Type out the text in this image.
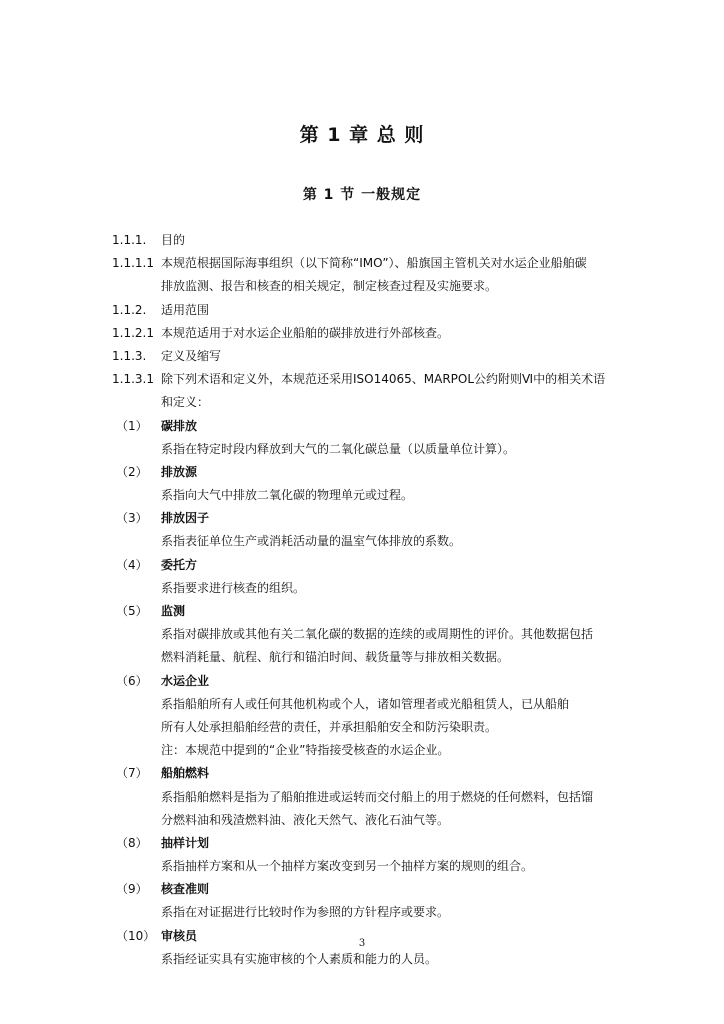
第 1 章 总 则
第 1 节 一般规定
1.1.1. 目的
1.1.1.1 本规范根据国际海事组织（以下简称“IMO”）、船旗国主管机关对水运企业船舶碳
排放监测、报告和核查的相关规定，制定核查过程及实施要求。
1.1.2. 适用范围
1.1.2.1 本规范适用于对水运企业船舶的碳排放进行外部核查。
1.1.3. 定义及缩写
1.1.3.1 除下列术语和定义外，本规范还采用ISO14065、MARPOL公约附则Ⅵ中的相关术语
和定义：
（1） 碳排放
系指在特定时段内释放到大气的二氧化碳总量（以质量单位计算）。
（2） 排放源
系指向大气中排放二氧化碳的物理单元或过程。
（3） 排放因子
系指表征单位生产或消耗活动量的温室气体排放的系数。
（4） 委托方
系指要求进行核查的组织。
（5） 监测
系指对碳排放或其他有关二氧化碳的数据的连续的或周期性的评价。其他数据包括
燃料消耗量、航程、航行和锚泊时间、载货量等与排放相关数据。
（6） 水运企业
系指船舶所有人或任何其他机构或个人，诸如管理者或光船租赁人，已从船舶
所有人处承担船舶经营的责任，并承担船舶安全和防污染职责。
注：本规范中提到的“企业”特指接受核查的水运企业。
（7） 船舶燃料
系指船舶燃料是指为了船舶推进或运转而交付船上的用于燃烧的任何燃料，包括馏
分燃料油和残渣燃料油、液化天然气、液化石油气等。
（8） 抽样计划
系指抽样方案和从一个抽样方案改变到另一个抽样方案的规则的组合。
（9） 核查准则
系指在对证据进行比较时作为参照的方针程序或要求。
（10） 审核员
系指经证实具有实施审核的个人素质和能力的人员。
3
